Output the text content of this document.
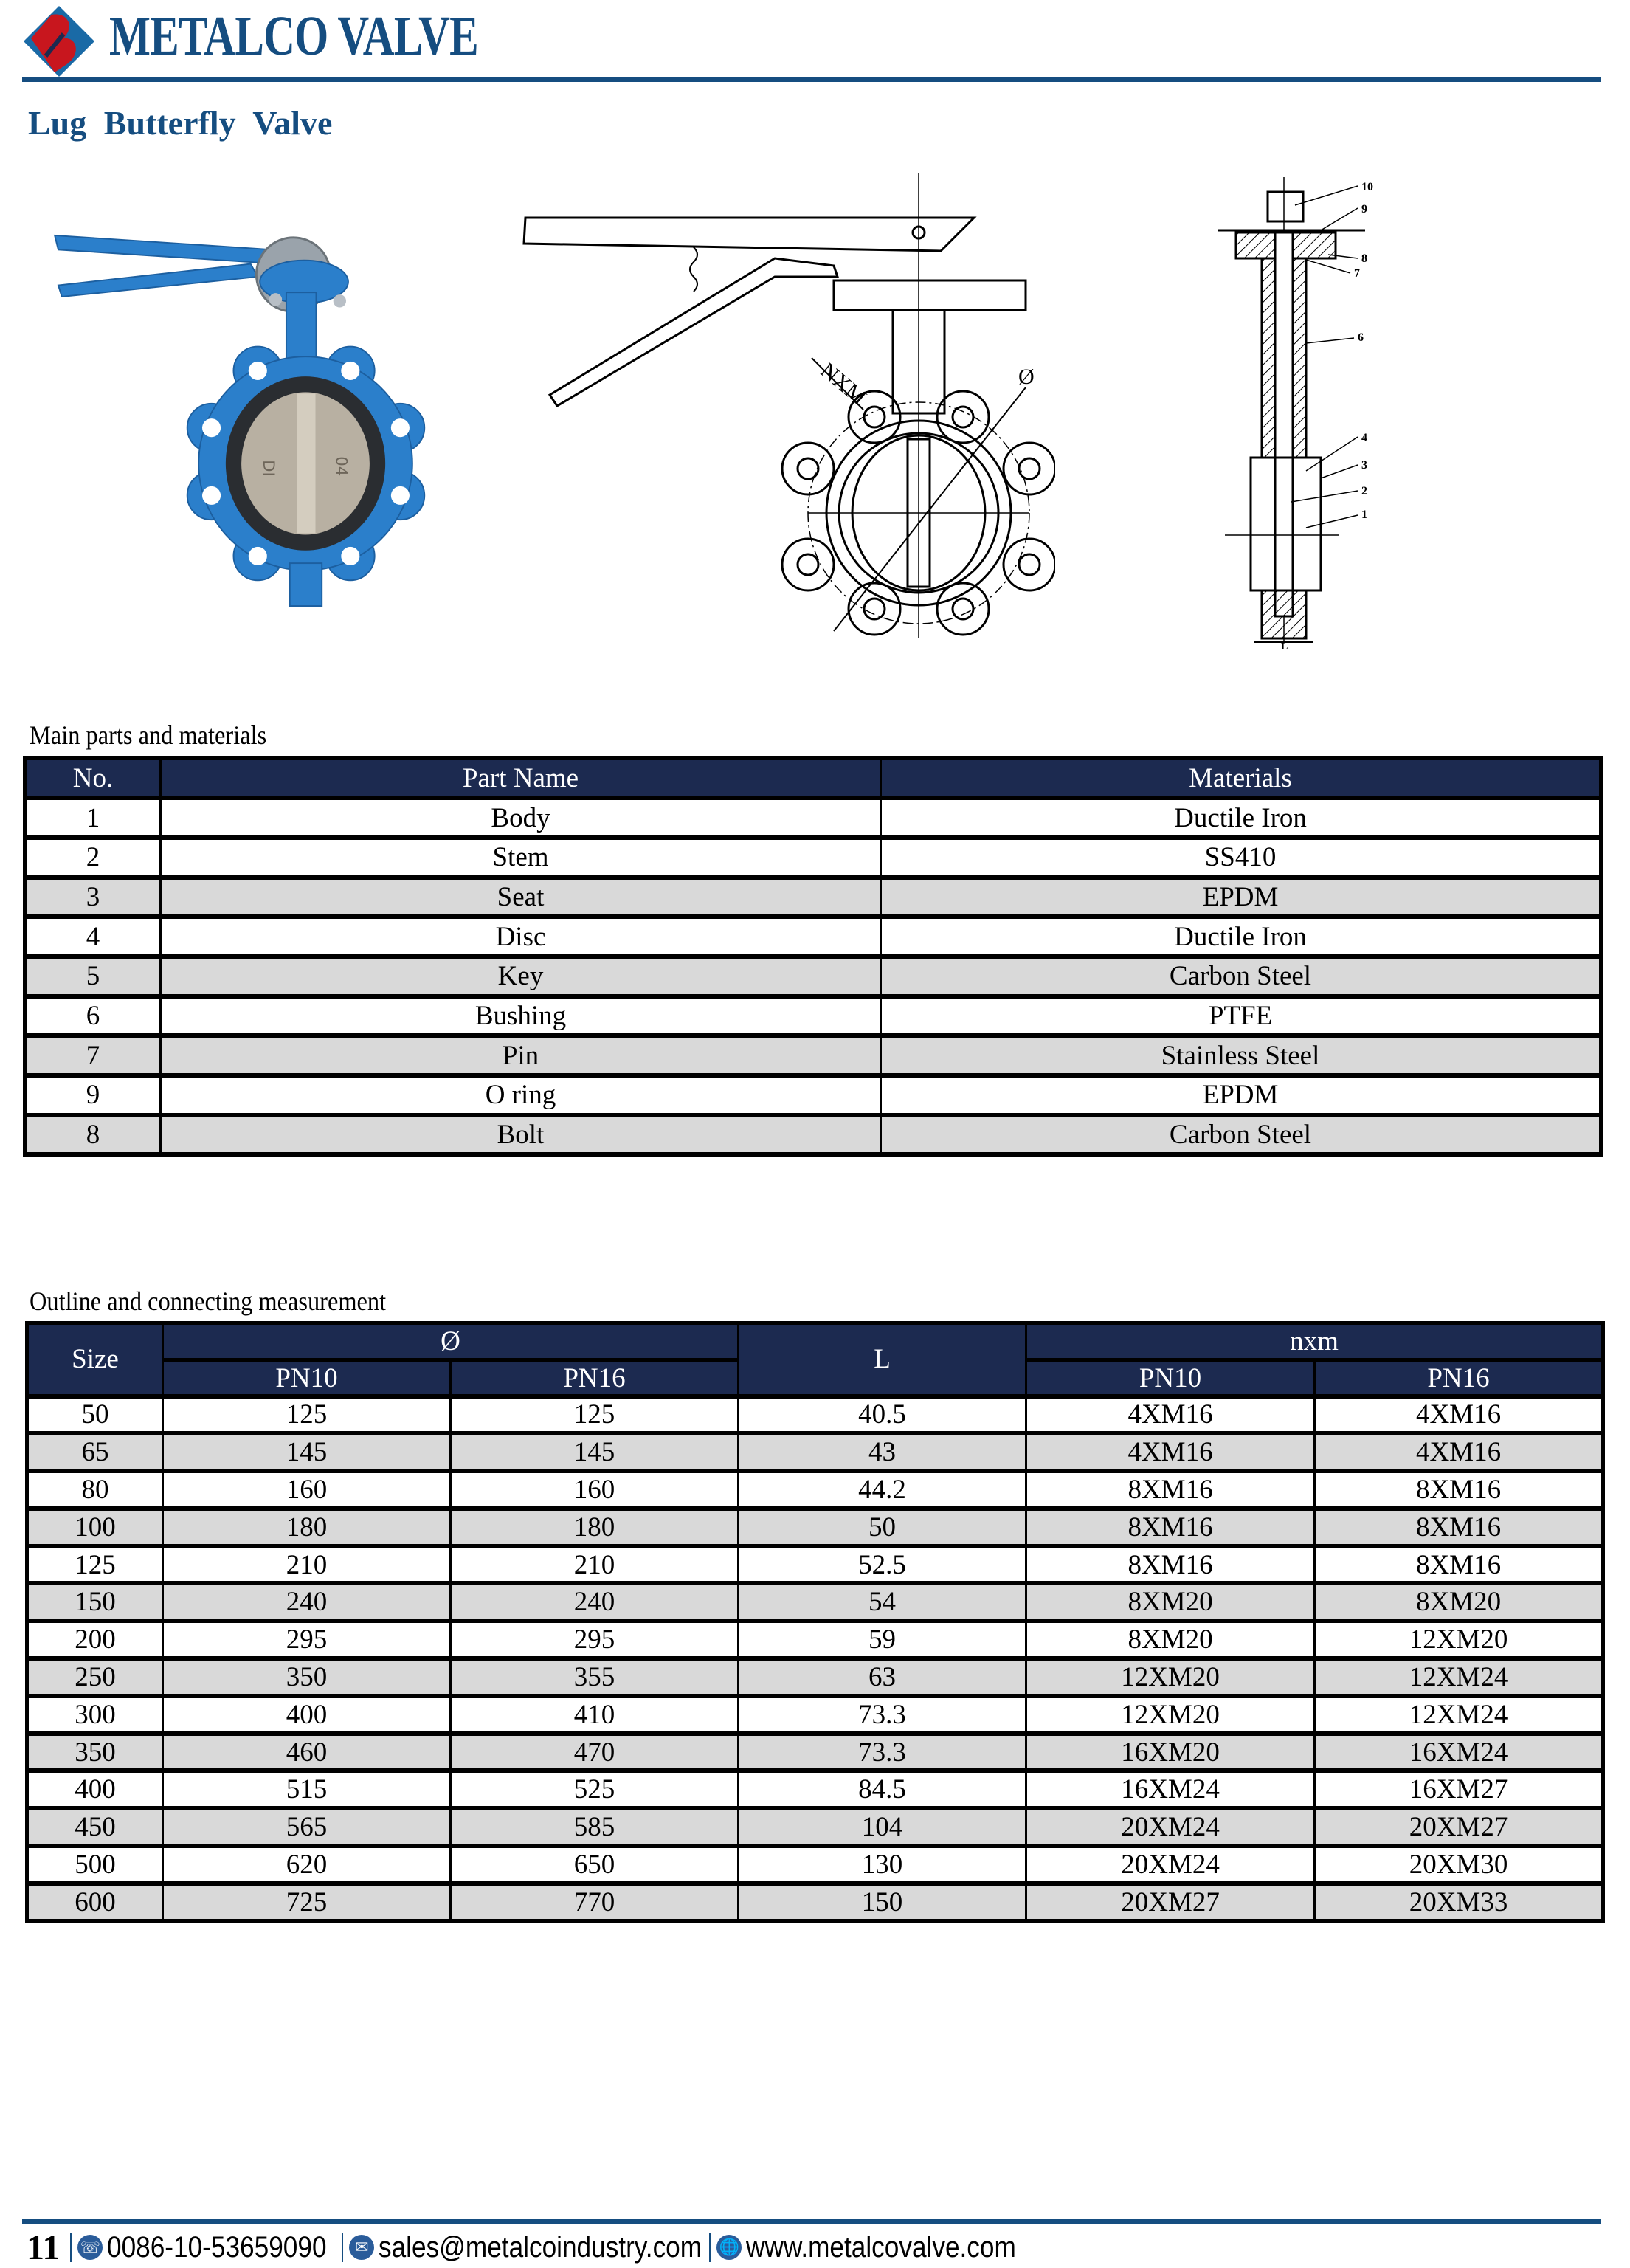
METALCO VALVE
Lug Butterfly Valve
DI	04
NXM	Ø
10
9
8
7
6
4
3
2
1
L
Main parts and materials
No.	Part Name	Materials
1	Body	Ductile Iron
2	Stem	SS410
3	Seat	EPDM
4	Disc	Ductile Iron
5	Key	Carbon Steel
6	Bushing	PTFE
7	Pin	Stainless Steel
9	O ring	EPDM
8	Bolt	Carbon Steel
Outline and connecting measurement
Size	Ø		L	nxm	
	PN10	PN16		PN10	PN16
50	125	125	40.5	4XM16	4XM16
65	145	145	43	4XM16	4XM16
80	160	160	44.2	8XM16	8XM16
100	180	180	50	8XM16	8XM16
125	210	210	52.5	8XM16	8XM16
150	240	240	54	8XM20	8XM20
200	295	295	59	8XM20	12XM20
250	350	355	63	12XM20	12XM24
300	400	410	73.3	12XM20	12XM24
350	460	470	73.3	16XM20	16XM24
400	515	525	84.5	16XM24	16XM27
450	565	585	104	20XM24	20XM27
500	620	650	130	20XM24	20XM30
600	725	770	150	20XM27	20XM33
11 ☏ 0086-10-53659090	✉ sales@metalcoindustry.com 🌐 www.metalcovalve.com
